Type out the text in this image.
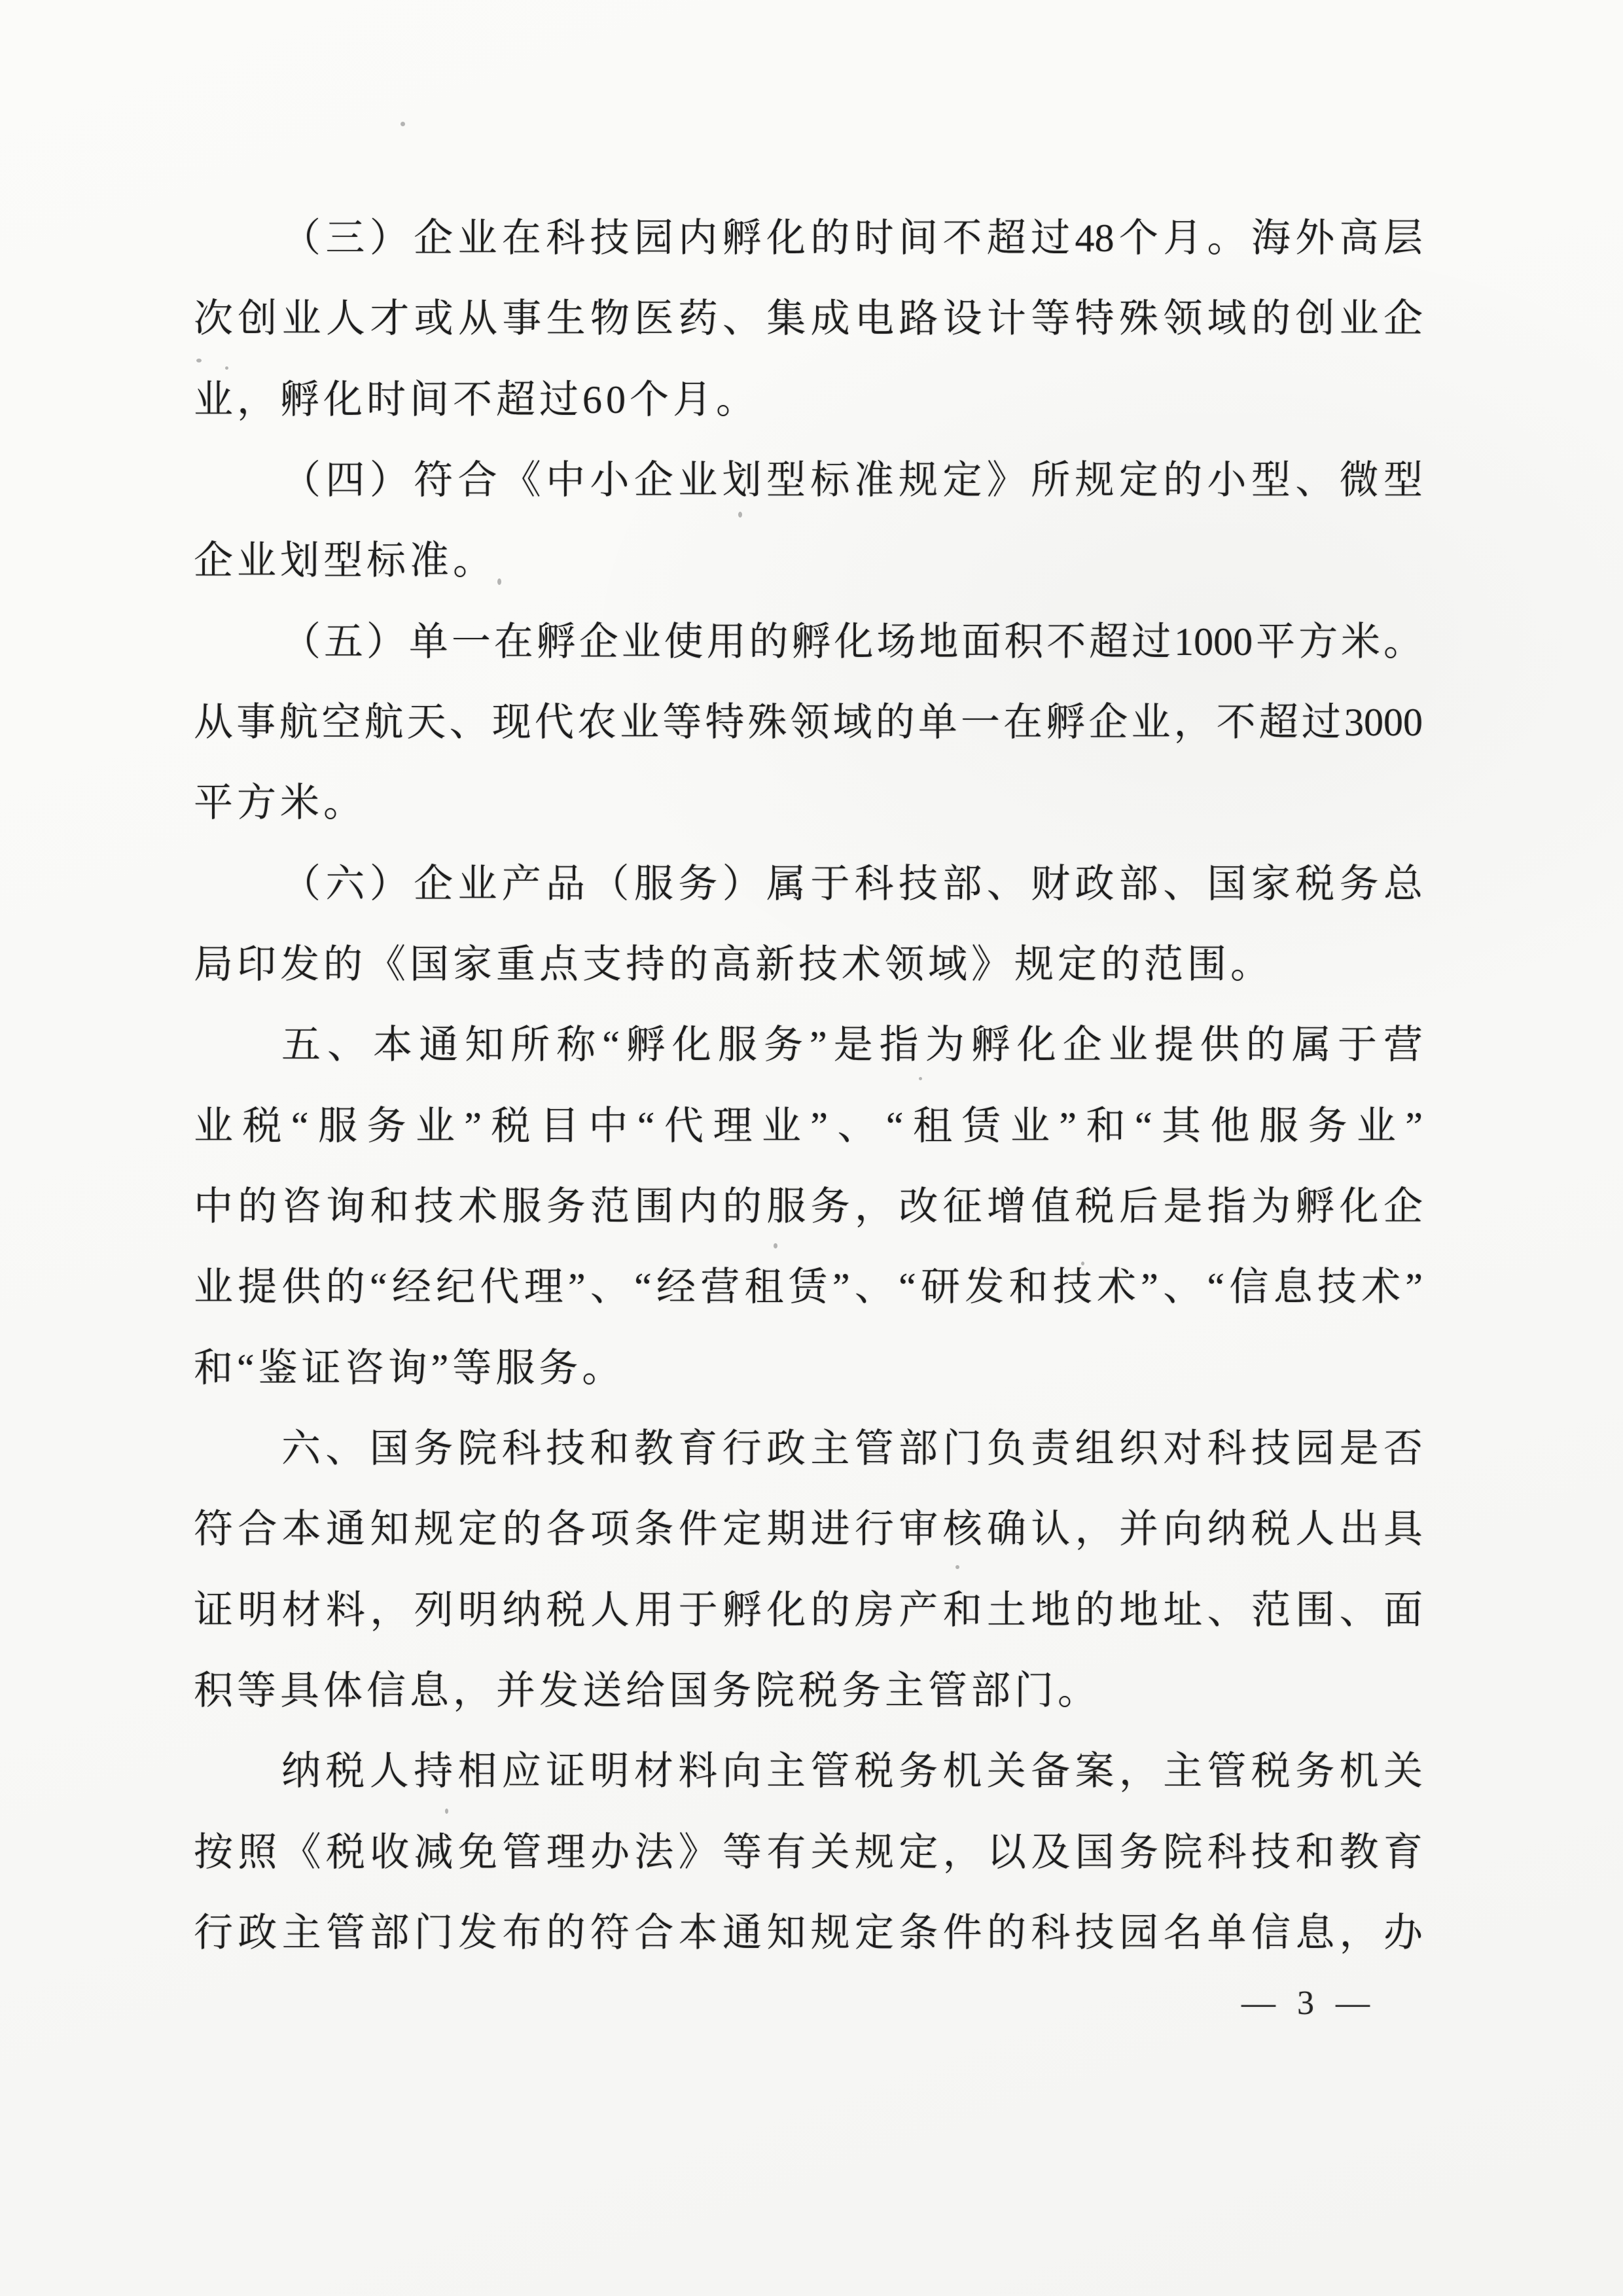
（三）企业在科技园内孵化的时间不超过48个月。海外高层
次创业人才或从事生物医药、集成电路设计等特殊领域的创业企
业，孵化时间不超过60个月。
（四）符合《中小企业划型标准规定》所规定的小型、微型
企业划型标准。
（五）单一在孵企业使用的孵化场地面积不超过1000平方米。
从事航空航天、现代农业等特殊领域的单一在孵企业，不超过3000
平方米。
（六）企业产品（服务）属于科技部、财政部、国家税务总
局印发的《国家重点支持的高新技术领域》规定的范围。
五、本通知所称“孵化服务”是指为孵化企业提供的属于营
业税“服务业”税目中“代理业”、“租赁业”和“其他服务业”
中的咨询和技术服务范围内的服务，改征增值税后是指为孵化企
业提供的“经纪代理”、“经营租赁”、“研发和技术”、“信息技术”
和“鉴证咨询”等服务。
六、国务院科技和教育行政主管部门负责组织对科技园是否
符合本通知规定的各项条件定期进行审核确认，并向纳税人出具
证明材料，列明纳税人用于孵化的房产和土地的地址、范围、面
积等具体信息，并发送给国务院税务主管部门。
纳税人持相应证明材料向主管税务机关备案，主管税务机关
按照《税收减免管理办法》等有关规定，以及国务院科技和教育
行政主管部门发布的符合本通知规定条件的科技园名单信息，办
— 3 —
